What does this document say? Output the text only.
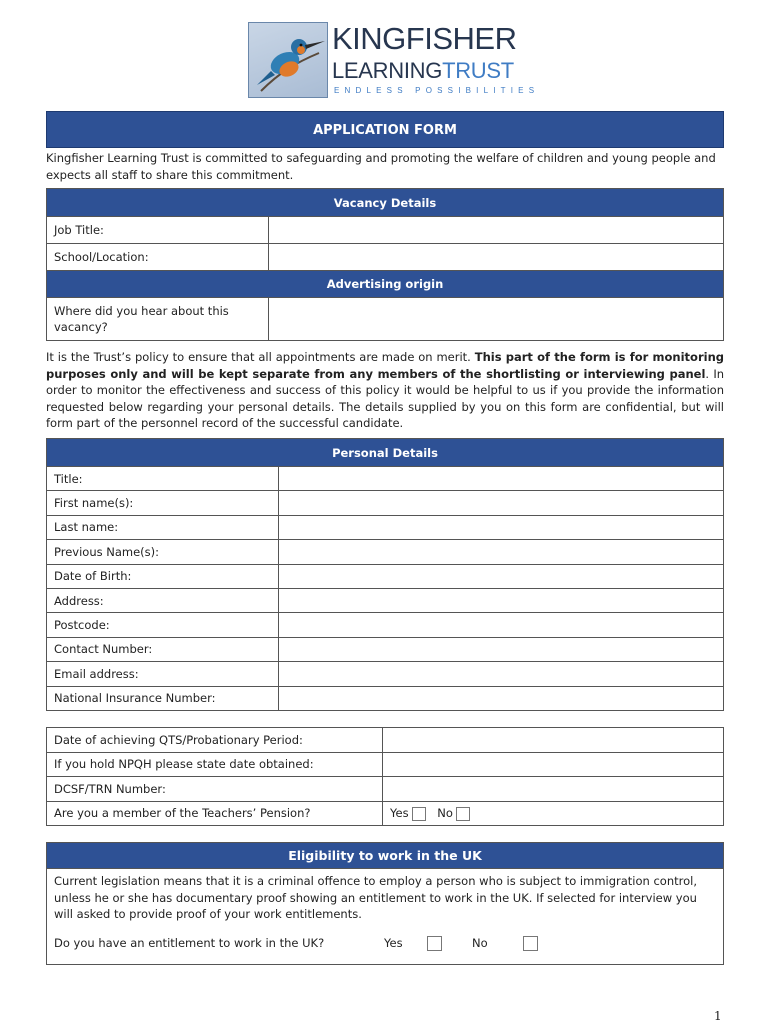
KINGFISHER
LEARNINGTRUST
ENDLESS POSSIBILITIES
APPLICATION FORM
Kingfisher Learning Trust is committed to safeguarding and promoting the welfare of children and young people and expects all staff to share this commitment.
Vacancy Details	
Job Title:	
School/Location:	
Advertising origin	
Where did you hear about this vacancy?	
It is the Trust’s policy to ensure that all appointments are made on merit. This part of the form is for monitoring purposes only and will be kept separate from any members of the shortlisting or interviewing panel. In order to monitor the effectiveness and success of this policy it would be helpful to us if you provide the information requested below regarding your personal details. The details supplied by you on this form are confidential, but will form part of the personnel record of the successful candidate.
Personal Details	
Title:	
First name(s):	
Last name:	
Previous Name(s):	
Date of Birth:	
Address:	
Postcode:	
Contact Number:	
Email address:	
National Insurance Number:	
Date of achieving QTS/Probationary Period:	
If you hold NPQH please state date obtained:	
DCSF/TRN Number:	
Are you a member of the Teachers’ Pension?	Yes No
Eligibility to work in the UK
Current legislation means that it is a criminal offence to employ a person who is subject to immigration control, unless he or she has documentary proof showing an entitlement to work in the UK. If selected for interview you will asked to provide proof of your work entitlements.
Do you have an entitlement to work in the UK?	Yes	No
1
